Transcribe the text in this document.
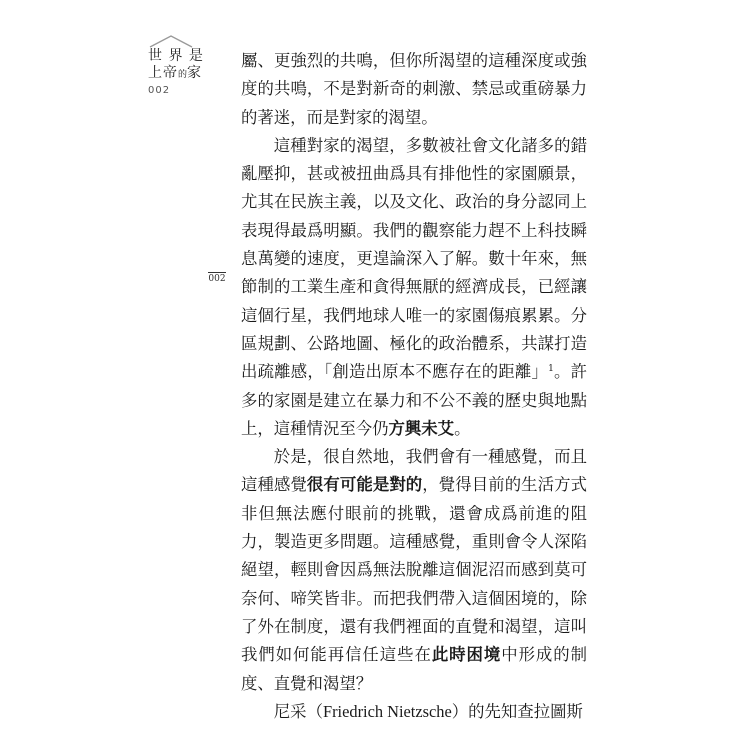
世 界 是
上帝的家
002
002

屬、更強烈的共鳴，但你所渴望的這種深度或強度的共鳴，不是對新奇的刺激、禁忌或重磅暴力的著迷，而是對家的渴望。

這種對家的渴望，多數被社會文化諸多的錯亂壓抑，甚或被扭曲爲具有排他性的家園願景，尤其在民族主義，以及文化、政治的身分認同上表現得最爲明顯。我們的觀察能力趕不上科技瞬息萬變的速度，更遑論深入了解。數十年來，無節制的工業生產和貪得無厭的經濟成長，已經讓這個行星，我們地球人唯一的家園傷痕累累。分區規劃、公路地圖、極化的政治體系，共謀打造出疏離感，「創造出原本不應存在的距離」$^1$。許多的家園是建立在暴力和不公不義的歷史與地點上，這種情況至今仍方興未艾。

於是，很自然地，我們會有一種感覺，而且這種感覺很有可能是對的，覺得目前的生活方式非但無法應付眼前的挑戰，還會成爲前進的阻力，製造更多問題。這種感覺，重則會令人深陷絕望，輕則會因爲無法脫離這個泥沼而感到莫可奈何、啼笑皆非。而把我們帶入這個困境的，除了外在制度，還有我們裡面的直覺和渴望，這叫我們如何能再信任這些在此時困境中形成的制度、直覺和渴望？

尼采（Friedrich Nietzsche）的先知查拉圖斯
